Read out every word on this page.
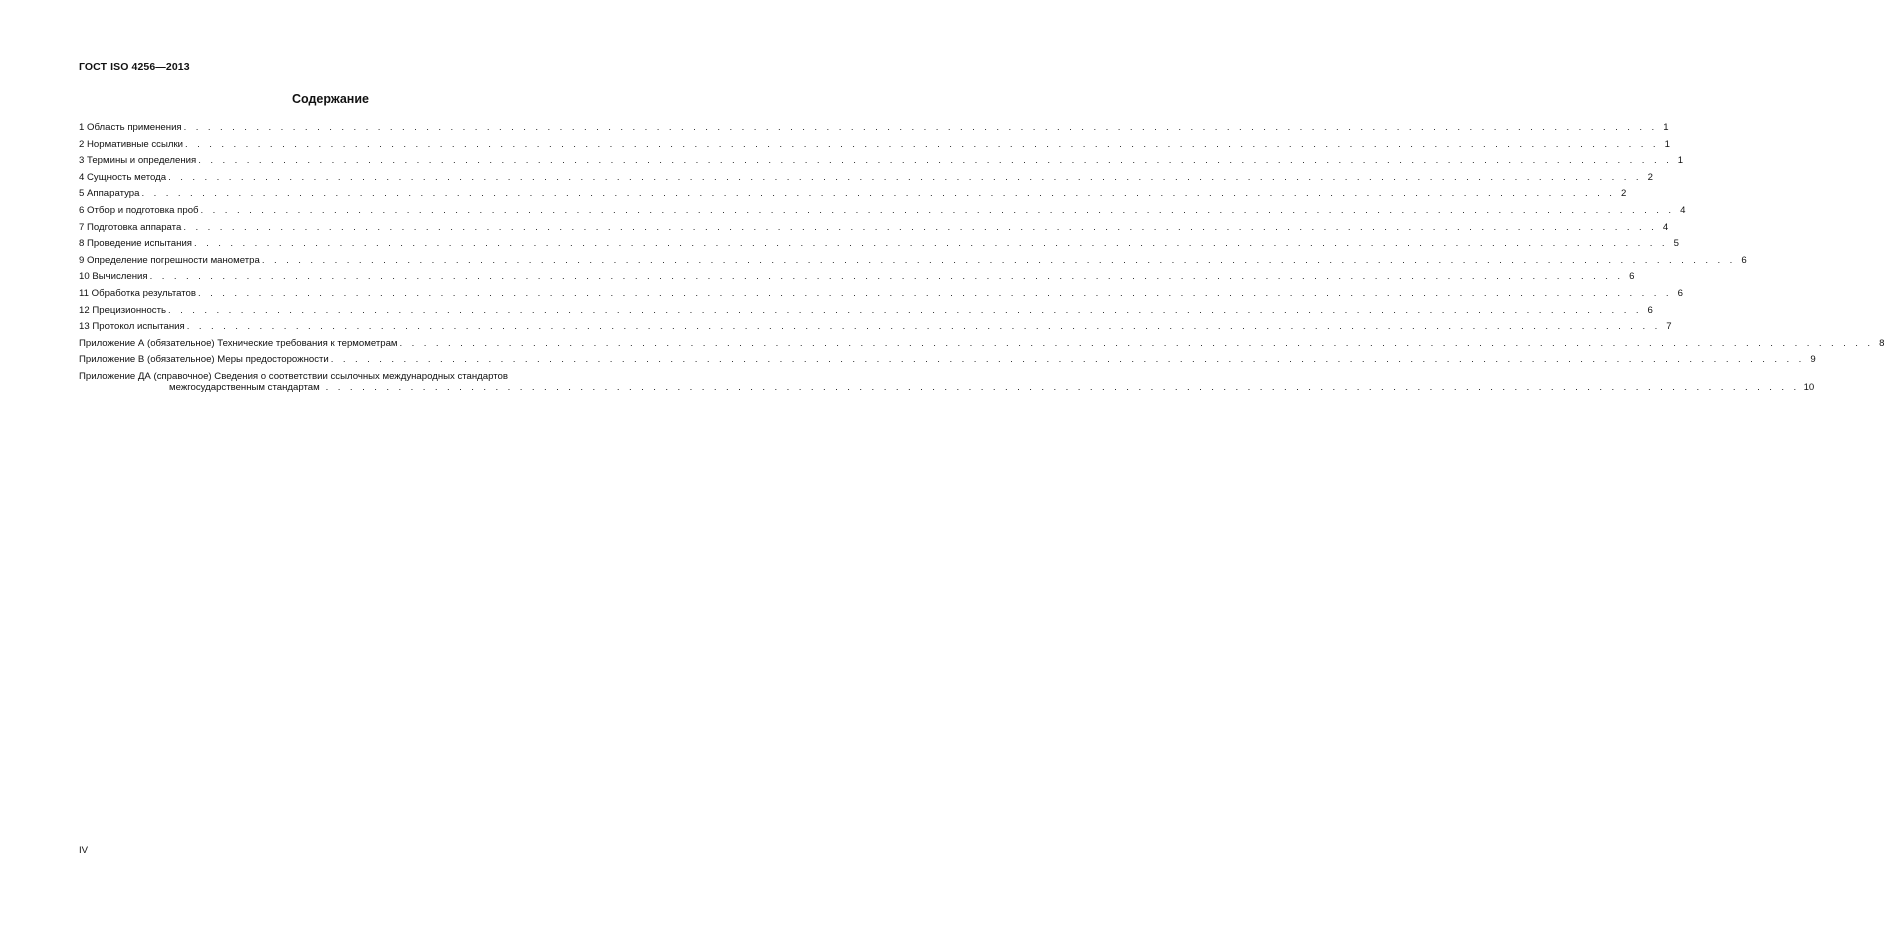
ГОСТ ISO 4256—2013
Содержание
1 Область применения . . . . . . . . . . . . . . . . . . . . . . . . . . . . . . . . . . . . . . . . . . . . . . . . . . . . . . . . . . . . . . . . . . . . . . . . . . . . . . . . . . . . . . . . . . . . . . . . . . . . . . . . . . . . . . . . . . . . . . . . . . 1
2 Нормативные ссылки . . . . . . . . . . . . . . . . . . . . . . . . . . . . . . . . . . . . . . . . . . . . . . . . . . . . . . . . . . . . . . . . . . . . . . . . . . . . . . . . . . . . . . . . . . . . . . . . . . . . . . . . . . . . . . . . . . . . . . . . . . 1
3 Термины и определения . . . . . . . . . . . . . . . . . . . . . . . . . . . . . . . . . . . . . . . . . . . . . . . . . . . . . . . . . . . . . . . . . . . . . . . . . . . . . . . . . . . . . . . . . . . . . . . . . . . . . . . . . . . . . . . . . . . . . . . . . . 1
4 Сущность метода . . . . . . . . . . . . . . . . . . . . . . . . . . . . . . . . . . . . . . . . . . . . . . . . . . . . . . . . . . . . . . . . . . . . . . . . . . . . . . . . . . . . . . . . . . . . . . . . . . . . . . . . . . . . . . . . . . . . . . . . . . 2
5 Аппаратура . . . . . . . . . . . . . . . . . . . . . . . . . . . . . . . . . . . . . . . . . . . . . . . . . . . . . . . . . . . . . . . . . . . . . . . . . . . . . . . . . . . . . . . . . . . . . . . . . . . . . . . . . . . . . . . . . . . . . . . . . . 2
6 Отбор и подготовка проб . . . . . . . . . . . . . . . . . . . . . . . . . . . . . . . . . . . . . . . . . . . . . . . . . . . . . . . . . . . . . . . . . . . . . . . . . . . . . . . . . . . . . . . . . . . . . . . . . . . . . . . . . . . . . . . . . . . . . . . . . . 4
7 Подготовка аппарата . . . . . . . . . . . . . . . . . . . . . . . . . . . . . . . . . . . . . . . . . . . . . . . . . . . . . . . . . . . . . . . . . . . . . . . . . . . . . . . . . . . . . . . . . . . . . . . . . . . . . . . . . . . . . . . . . . . . . . . . . . 4
8 Проведение испытания . . . . . . . . . . . . . . . . . . . . . . . . . . . . . . . . . . . . . . . . . . . . . . . . . . . . . . . . . . . . . . . . . . . . . . . . . . . . . . . . . . . . . . . . . . . . . . . . . . . . . . . . . . . . . . . . . . . . . . . . . . 5
9 Определение погрешности манометра . . . . . . . . . . . . . . . . . . . . . . . . . . . . . . . . . . . . . . . . . . . . . . . . . . . . . . . . . . . . . . . . . . . . . . . . . . . . . . . . . . . . . . . . . . . . . . . . . . . . . . . . . . . . . . . . . . . . . . . . . . 6
10 Вычисления . . . . . . . . . . . . . . . . . . . . . . . . . . . . . . . . . . . . . . . . . . . . . . . . . . . . . . . . . . . . . . . . . . . . . . . . . . . . . . . . . . . . . . . . . . . . . . . . . . . . . . . . . . . . . . . . . . . . . . . . . . 6
11 Обработка результатов . . . . . . . . . . . . . . . . . . . . . . . . . . . . . . . . . . . . . . . . . . . . . . . . . . . . . . . . . . . . . . . . . . . . . . . . . . . . . . . . . . . . . . . . . . . . . . . . . . . . . . . . . . . . . . . . . . . . . . . . . . 6
12 Прецизионность . . . . . . . . . . . . . . . . . . . . . . . . . . . . . . . . . . . . . . . . . . . . . . . . . . . . . . . . . . . . . . . . . . . . . . . . . . . . . . . . . . . . . . . . . . . . . . . . . . . . . . . . . . . . . . . . . . . . . . . . . . 6
13 Протокол испытания . . . . . . . . . . . . . . . . . . . . . . . . . . . . . . . . . . . . . . . . . . . . . . . . . . . . . . . . . . . . . . . . . . . . . . . . . . . . . . . . . . . . . . . . . . . . . . . . . . . . . . . . . . . . . . . . . . . . . . . . . . 7
Приложение А (обязательное) Технические требования к термометрам . . . . . . . . . . . . . . . . . . . . . . . . . . . . . . . . . . . . . . . . . . . . . . . . . . . . . . . . . . . . . . . . . . . . . . . . . . . . . . . . . . . . . . . . . . . . . . . . . . . . . . . . . . . . . . . . . . . . . . . . . . 8
Приложение В (обязательное) Меры предосторожности . . . . . . . . . . . . . . . . . . . . . . . . . . . . . . . . . . . . . . . . . . . . . . . . . . . . . . . . . . . . . . . . . . . . . . . . . . . . . . . . . . . . . . . . . . . . . . . . . . . . . . . . . . . . . . . . . . . . . . . . . . 9
Приложение ДА (справочное) Сведения о соответствии ссылочных международных стандартов
межгосударственным стандартам . . . . . . . . . . . . . . . . . . . . . . . . . . . . . . . . . . . . . . . . . . . . . . . . . . . . . . . . . . . . . . . . . . . . . . . . . . . . . . . . . . . . . . . . . . . . . . . . . . . . . . . . . . . . . . . . . . . . . . . . . . 10
IV
